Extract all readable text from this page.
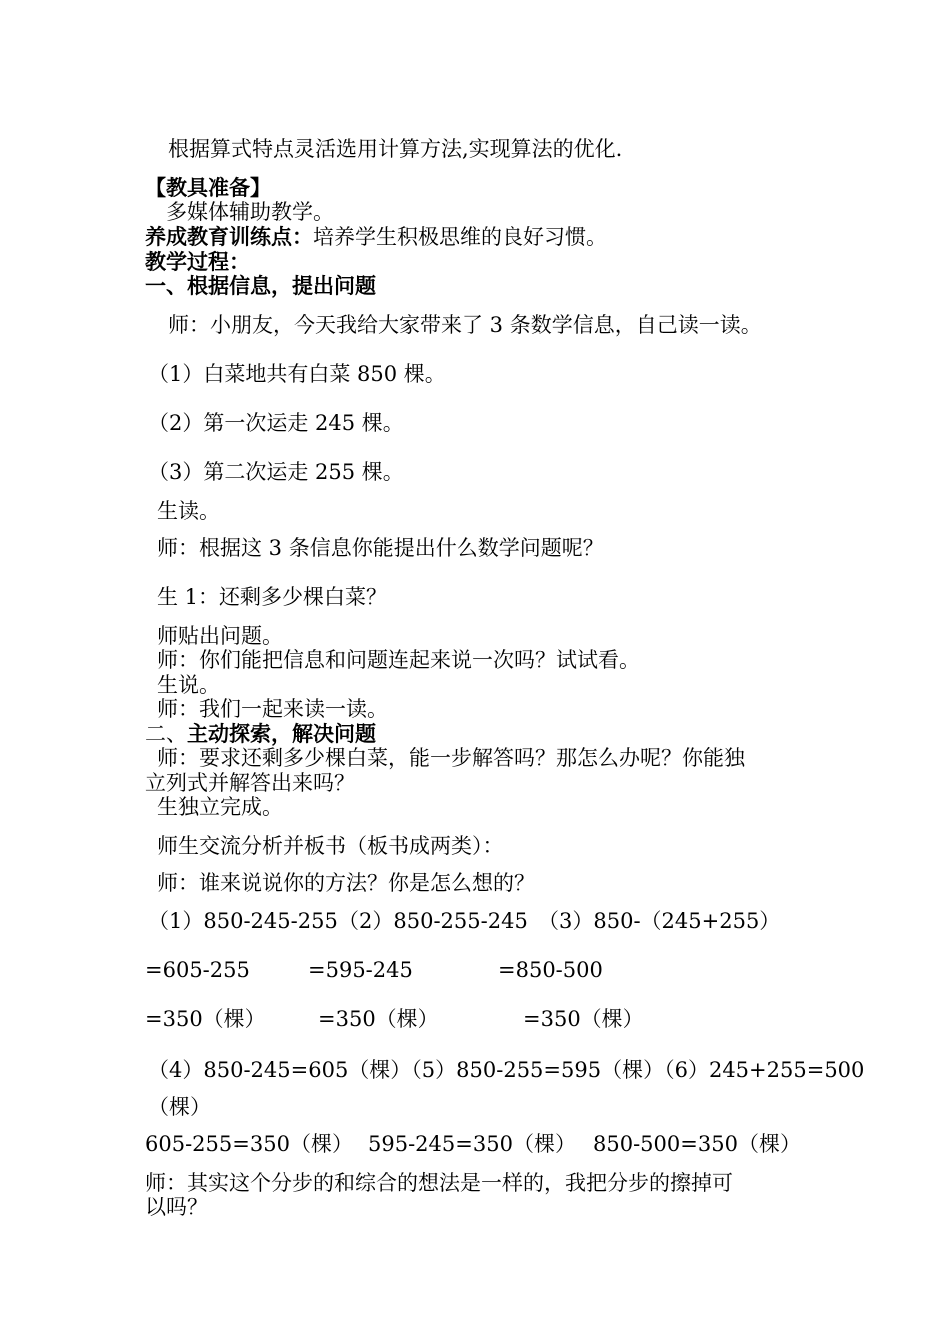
　根据算式特点灵活选用计算方法,实现算法的优化.
【教具准备】
　多媒体辅助教学。
养成教育训练点：培养学生积极思维的良好习惯。
教学过程：
一、根据信息，提出问题
　师：小朋友，今天我给大家带来了 3 条数学信息，自己读一读。
（1）白菜地共有白菜 850 棵。
（2）第一次运走 245 棵。
（3）第二次运走 255 棵。
生读。
师：根据这 3 条信息你能提出什么数学问题呢？
生 1：还剩多少棵白菜？
师贴出问题。
师：你们能把信息和问题连起来说一次吗？试试看。
生说。
师：我们一起来读一读。
二、主动探索，解决问题
师：要求还剩多少棵白菜，能一步解答吗？那怎么办呢？你能独
立列式并解答出来吗？
生独立完成。
师生交流分析并板书（板书成两类）：
师：谁来说说你的方法？你是怎么想的？
（1）850-245-255 （2）850-255-245 （3）850-（245+255）
=605-255	=595-245	=850-500
=350（棵） =350（棵）	=350（棵）
（4）850-245=605（棵）（5）850-255=595（棵）（6）245+255=500
（棵）
605-255=350（棵） 595-245=350（棵） 850-500=350（棵）
师：其实这个分步的和综合的想法是一样的，我把分步的擦掉可
以吗？
